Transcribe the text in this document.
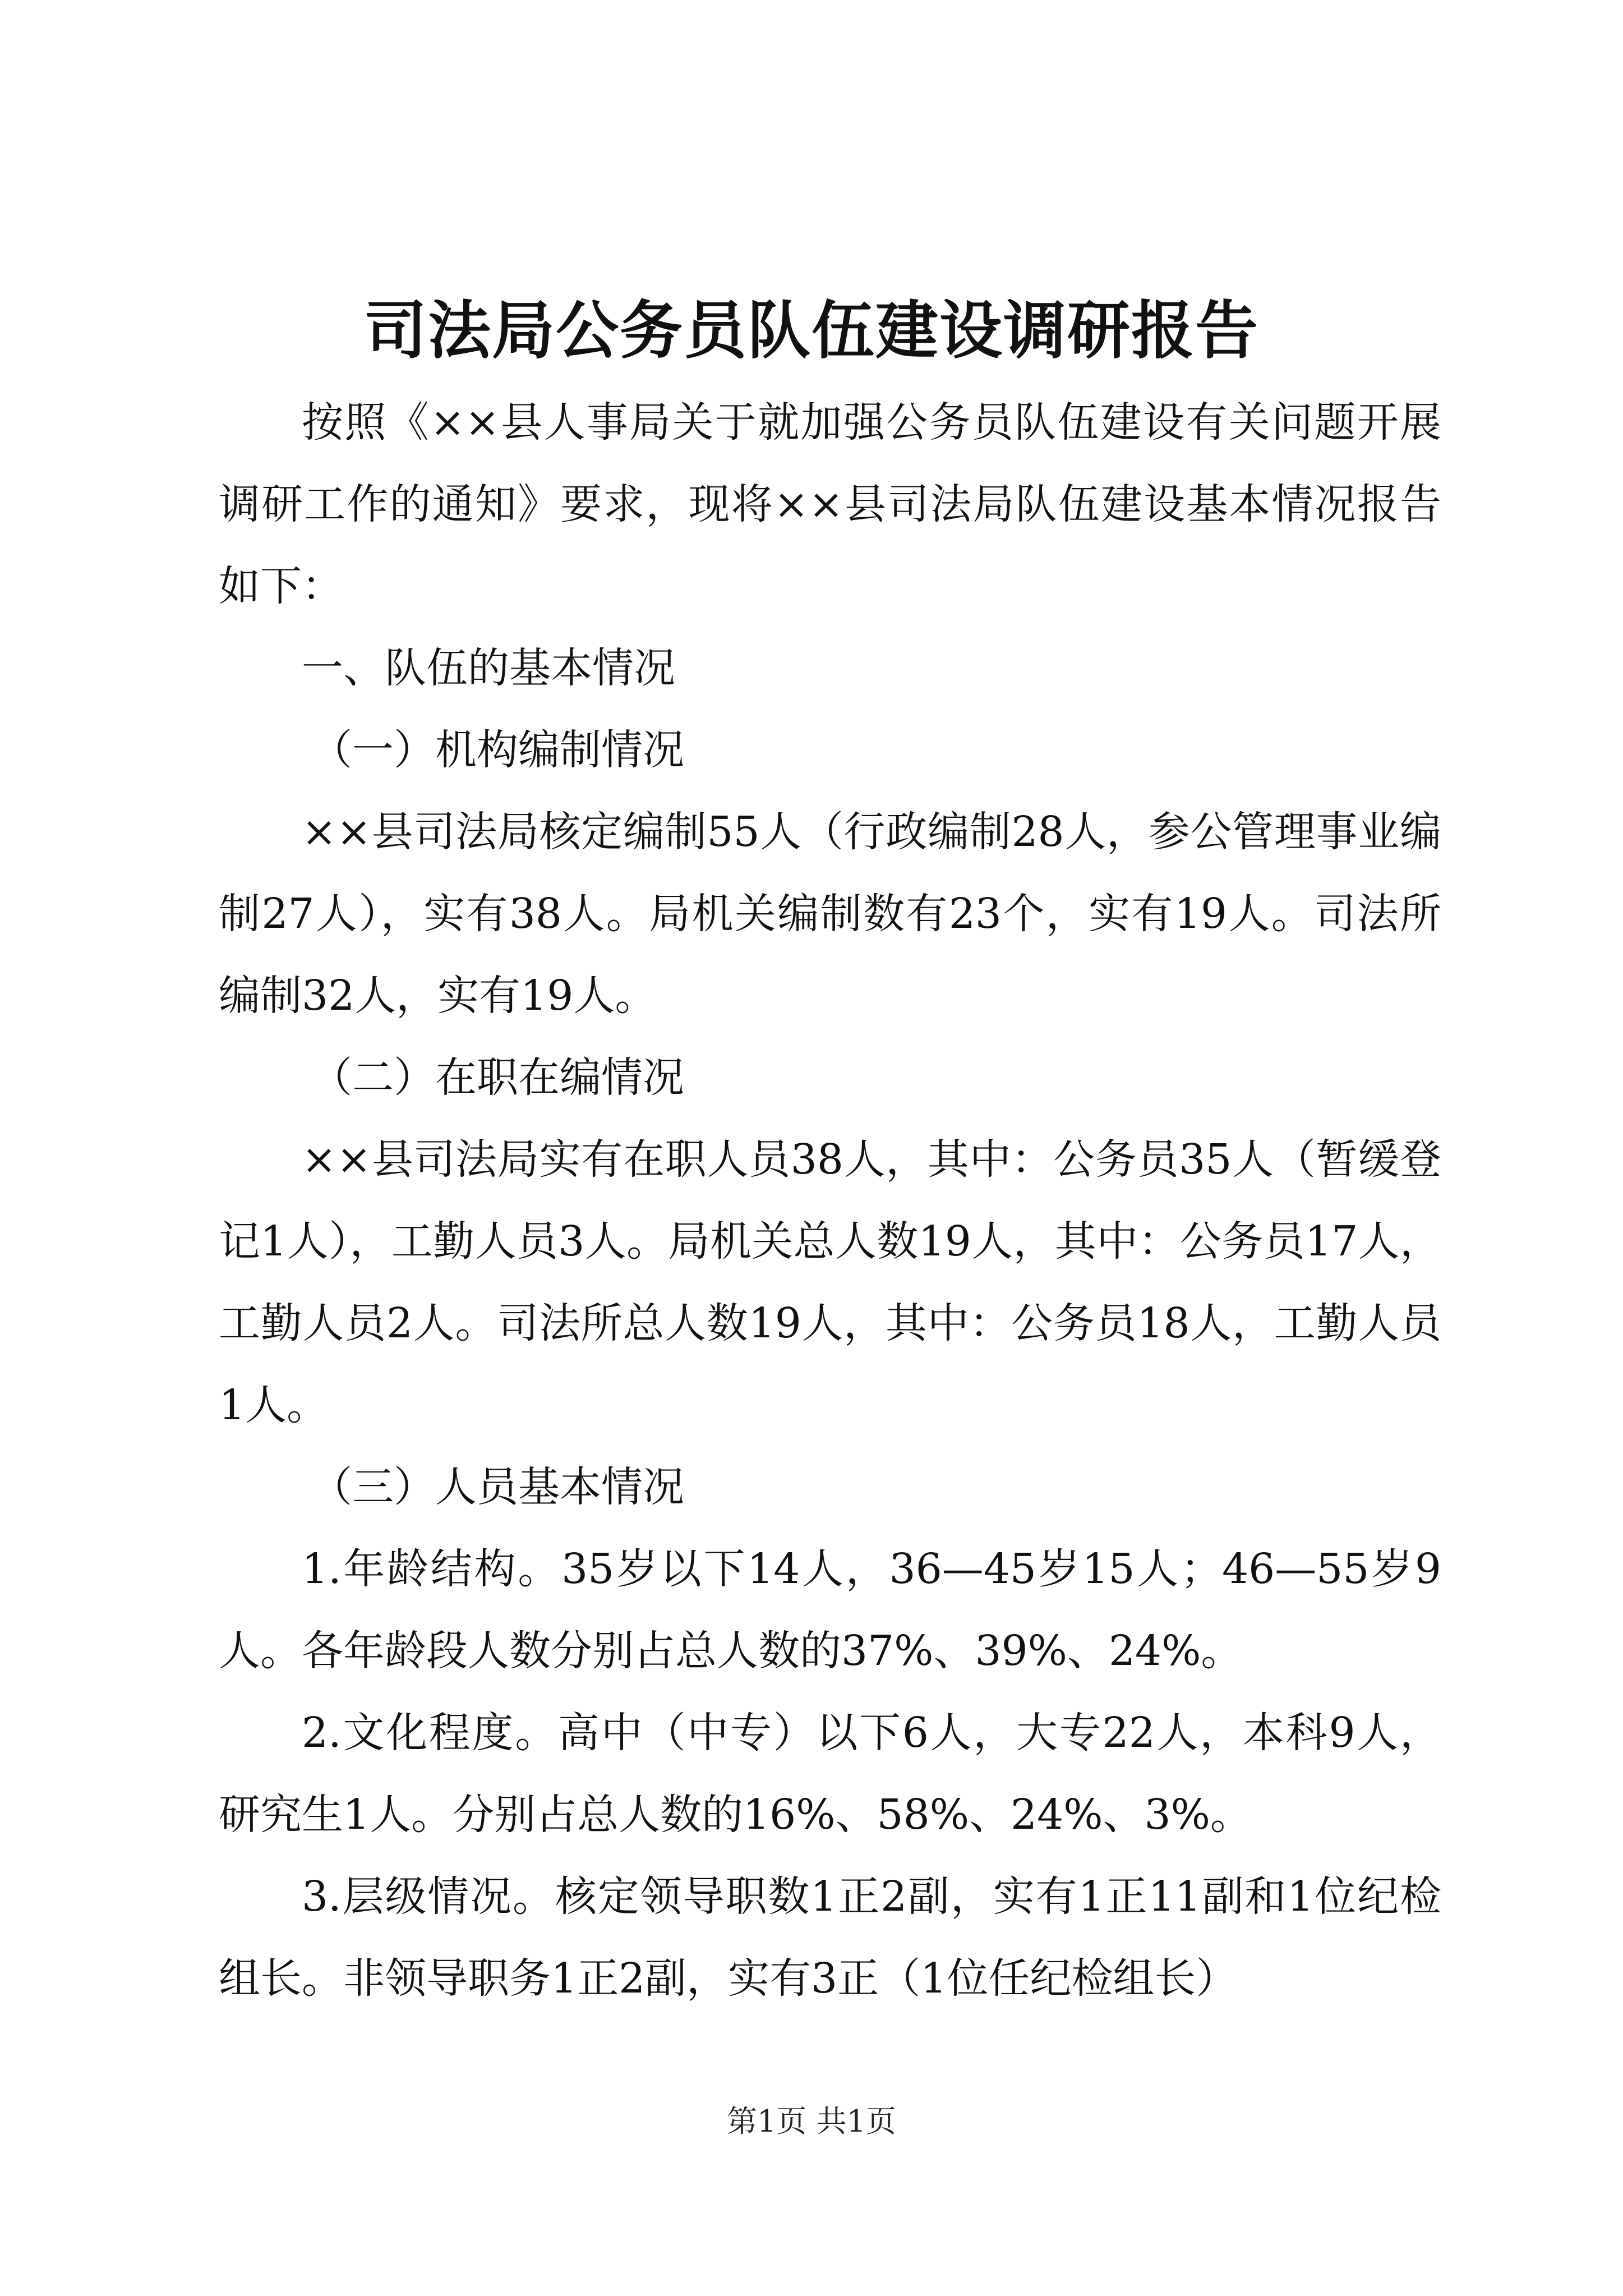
司法局公务员队伍建设调研报告

按照《××县人事局关于就加强公务员队伍建设有关问题开展调研工作的通知》要求，现将××县司法局队伍建设基本情况报告如下：

一、队伍的基本情况

（一）机构编制情况

××县司法局核定编制55人（行政编制28人，参公管理事业编制27人），实有38人。局机关编制数有23个，实有19人。司法所编制32人，实有19人。

（二）在职在编情况

××县司法局实有在职人员38人，其中：公务员35人（暂缓登记1人），工勤人员3人。局机关总人数19人，其中：公务员17人，工勤人员2人。司法所总人数19人，其中：公务员18人，工勤人员1人。

（三）人员基本情况

1.年龄结构。35岁以下14人，36—45岁15人；46—55岁9人。各年龄段人数分别占总人数的37%、39%、24%。

2.文化程度。高中（中专）以下6人，大专22人，本科9人，研究生1人。分别占总人数的16%、58%、24%、3%。

3.层级情况。核定领导职数1正2副，实有1正11副和1位纪检组长。非领导职务1正2副，实有3正（1位任纪检组长）

第1页 共1页
